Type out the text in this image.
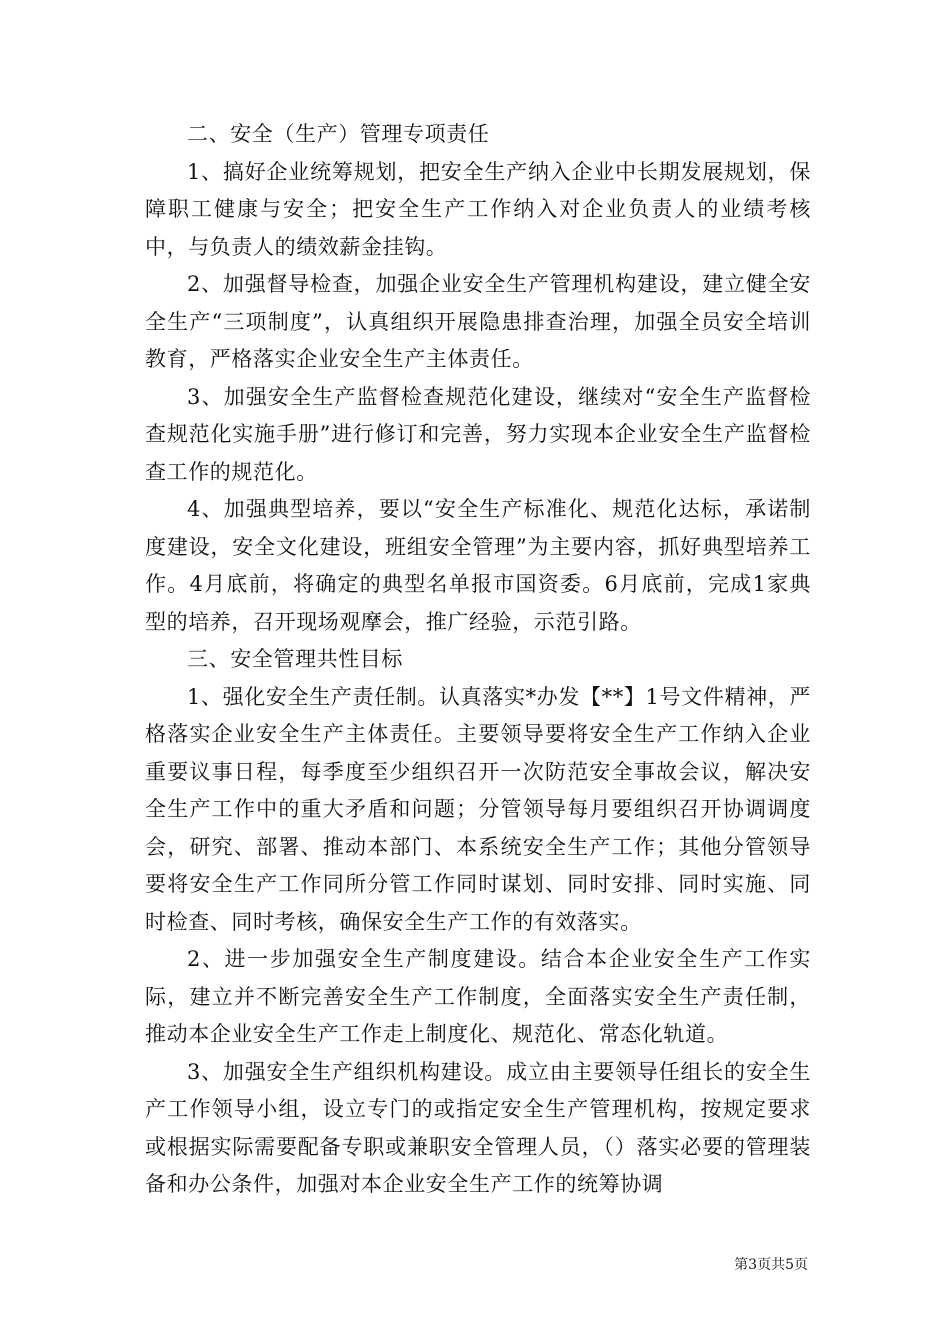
二、安全（生产）管理专项责任

1、搞好企业统筹规划，把安全生产纳入企业中长期发展规划，保障职工健康与安全；把安全生产工作纳入对企业负责人的业绩考核中，与负责人的绩效薪金挂钩。

2、加强督导检查，加强企业安全生产管理机构建设，建立健全安全生产“三项制度”，认真组织开展隐患排查治理，加强全员安全培训教育，严格落实企业安全生产主体责任。

3、加强安全生产监督检查规范化建设，继续对“安全生产监督检查规范化实施手册”进行修订和完善，努力实现本企业安全生产监督检查工作的规范化。

4、加强典型培养，要以“安全生产标准化、规范化达标，承诺制度建设，安全文化建设，班组安全管理”为主要内容，抓好典型培养工作。4月底前，将确定的典型名单报市国资委。6月底前，完成1家典型的培养，召开现场观摩会，推广经验，示范引路。

三、安全管理共性目标

1、强化安全生产责任制。认真落实*办发【**】1号文件精神，严格落实企业安全生产主体责任。主要领导要将安全生产工作纳入企业重要议事日程，每季度至少组织召开一次防范安全事故会议，解决安全生产工作中的重大矛盾和问题；分管领导每月要组织召开协调调度会，研究、部署、推动本部门、本系统安全生产工作；其他分管领导要将安全生产工作同所分管工作同时谋划、同时安排、同时实施、同时检查、同时考核，确保安全生产工作的有效落实。

2、进一步加强安全生产制度建设。结合本企业安全生产工作实际，建立并不断完善安全生产工作制度，全面落实安全生产责任制，推动本企业安全生产工作走上制度化、规范化、常态化轨道。

3、加强安全生产组织机构建设。成立由主要领导任组长的安全生产工作领导小组，设立专门的或指定安全生产管理机构，按规定要求或根据实际需要配备专职或兼职安全管理人员，（）落实必要的管理装备和办公条件，加强对本企业安全生产工作的统筹协调

第3页共5页
